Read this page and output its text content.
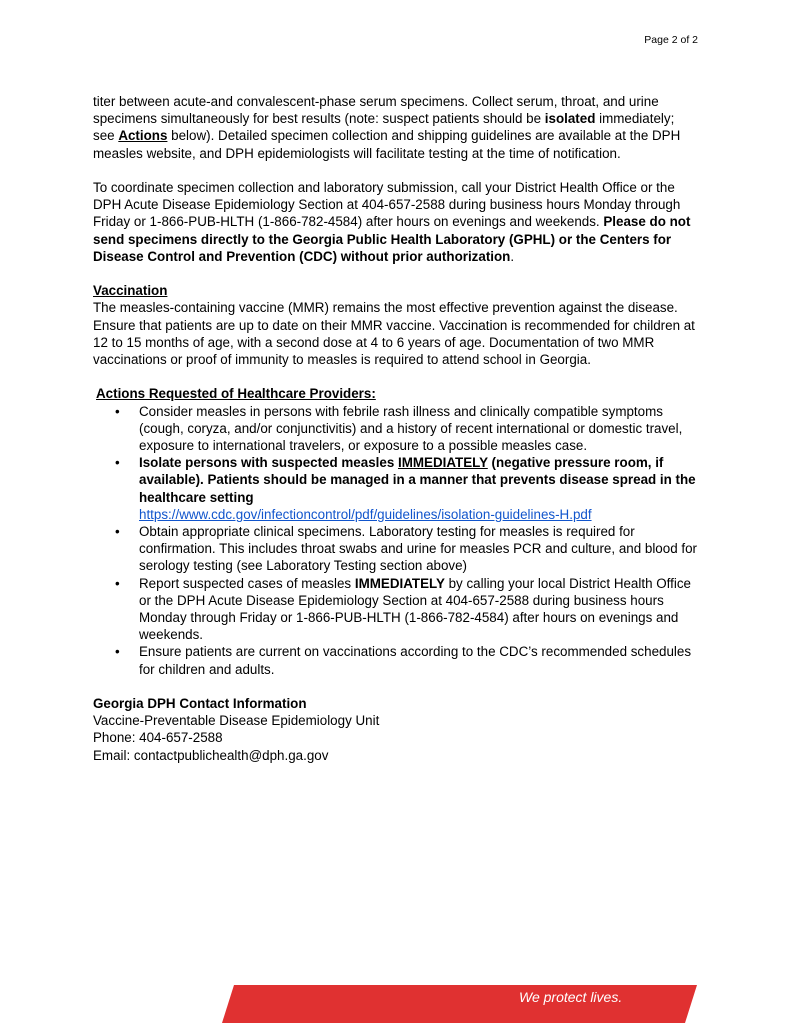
Page 2 of 2

titer between acute-and convalescent-phase serum specimens. Collect serum, throat, and urine specimens simultaneously for best results (note: suspect patients should be isolated immediately; see Actions below). Detailed specimen collection and shipping guidelines are available at the DPH measles website, and DPH epidemiologists will facilitate testing at the time of notification.

To coordinate specimen collection and laboratory submission, call your District Health Office or the DPH Acute Disease Epidemiology Section at 404-657-2588 during business hours Monday through Friday or 1-866-PUB-HLTH (1-866-782-4584) after hours on evenings and weekends. Please do not send specimens directly to the Georgia Public Health Laboratory (GPHL) or the Centers for Disease Control and Prevention (CDC) without prior authorization.

Vaccination

The measles-containing vaccine (MMR) remains the most effective prevention against the disease. Ensure that patients are up to date on their MMR vaccine. Vaccination is recommended for children at 12 to 15 months of age, with a second dose at 4 to 6 years of age. Documentation of two MMR vaccinations or proof of immunity to measles is required to attend school in Georgia.

Actions Requested of Healthcare Providers:
• Consider measles in persons with febrile rash illness and clinically compatible symptoms (cough, coryza, and/or conjunctivitis) and a history of recent international or domestic travel, exposure to international travelers, or exposure to a possible measles case.
• Isolate persons with suspected measles IMMEDIATELY (negative pressure room, if available). Patients should be managed in a manner that prevents disease spread in the healthcare setting
https://www.cdc.gov/infectioncontrol/pdf/guidelines/isolation-guidelines-H.pdf
• Obtain appropriate clinical specimens. Laboratory testing for measles is required for confirmation. This includes throat swabs and urine for measles PCR and culture, and blood for serology testing (see Laboratory Testing section above)
• Report suspected cases of measles IMMEDIATELY by calling your local District Health Office or the DPH Acute Disease Epidemiology Section at 404-657-2588 during business hours Monday through Friday or 1-866-PUB-HLTH (1-866-782-4584) after hours on evenings and weekends.
• Ensure patients are current on vaccinations according to the CDC’s recommended schedules for children and adults.
Georgia DPH Contact Information
Vaccine-Preventable Disease Epidemiology Unit
Phone: 404-657-2588
Email: contactpublichealth@dph.ga.gov
We protect lives.
